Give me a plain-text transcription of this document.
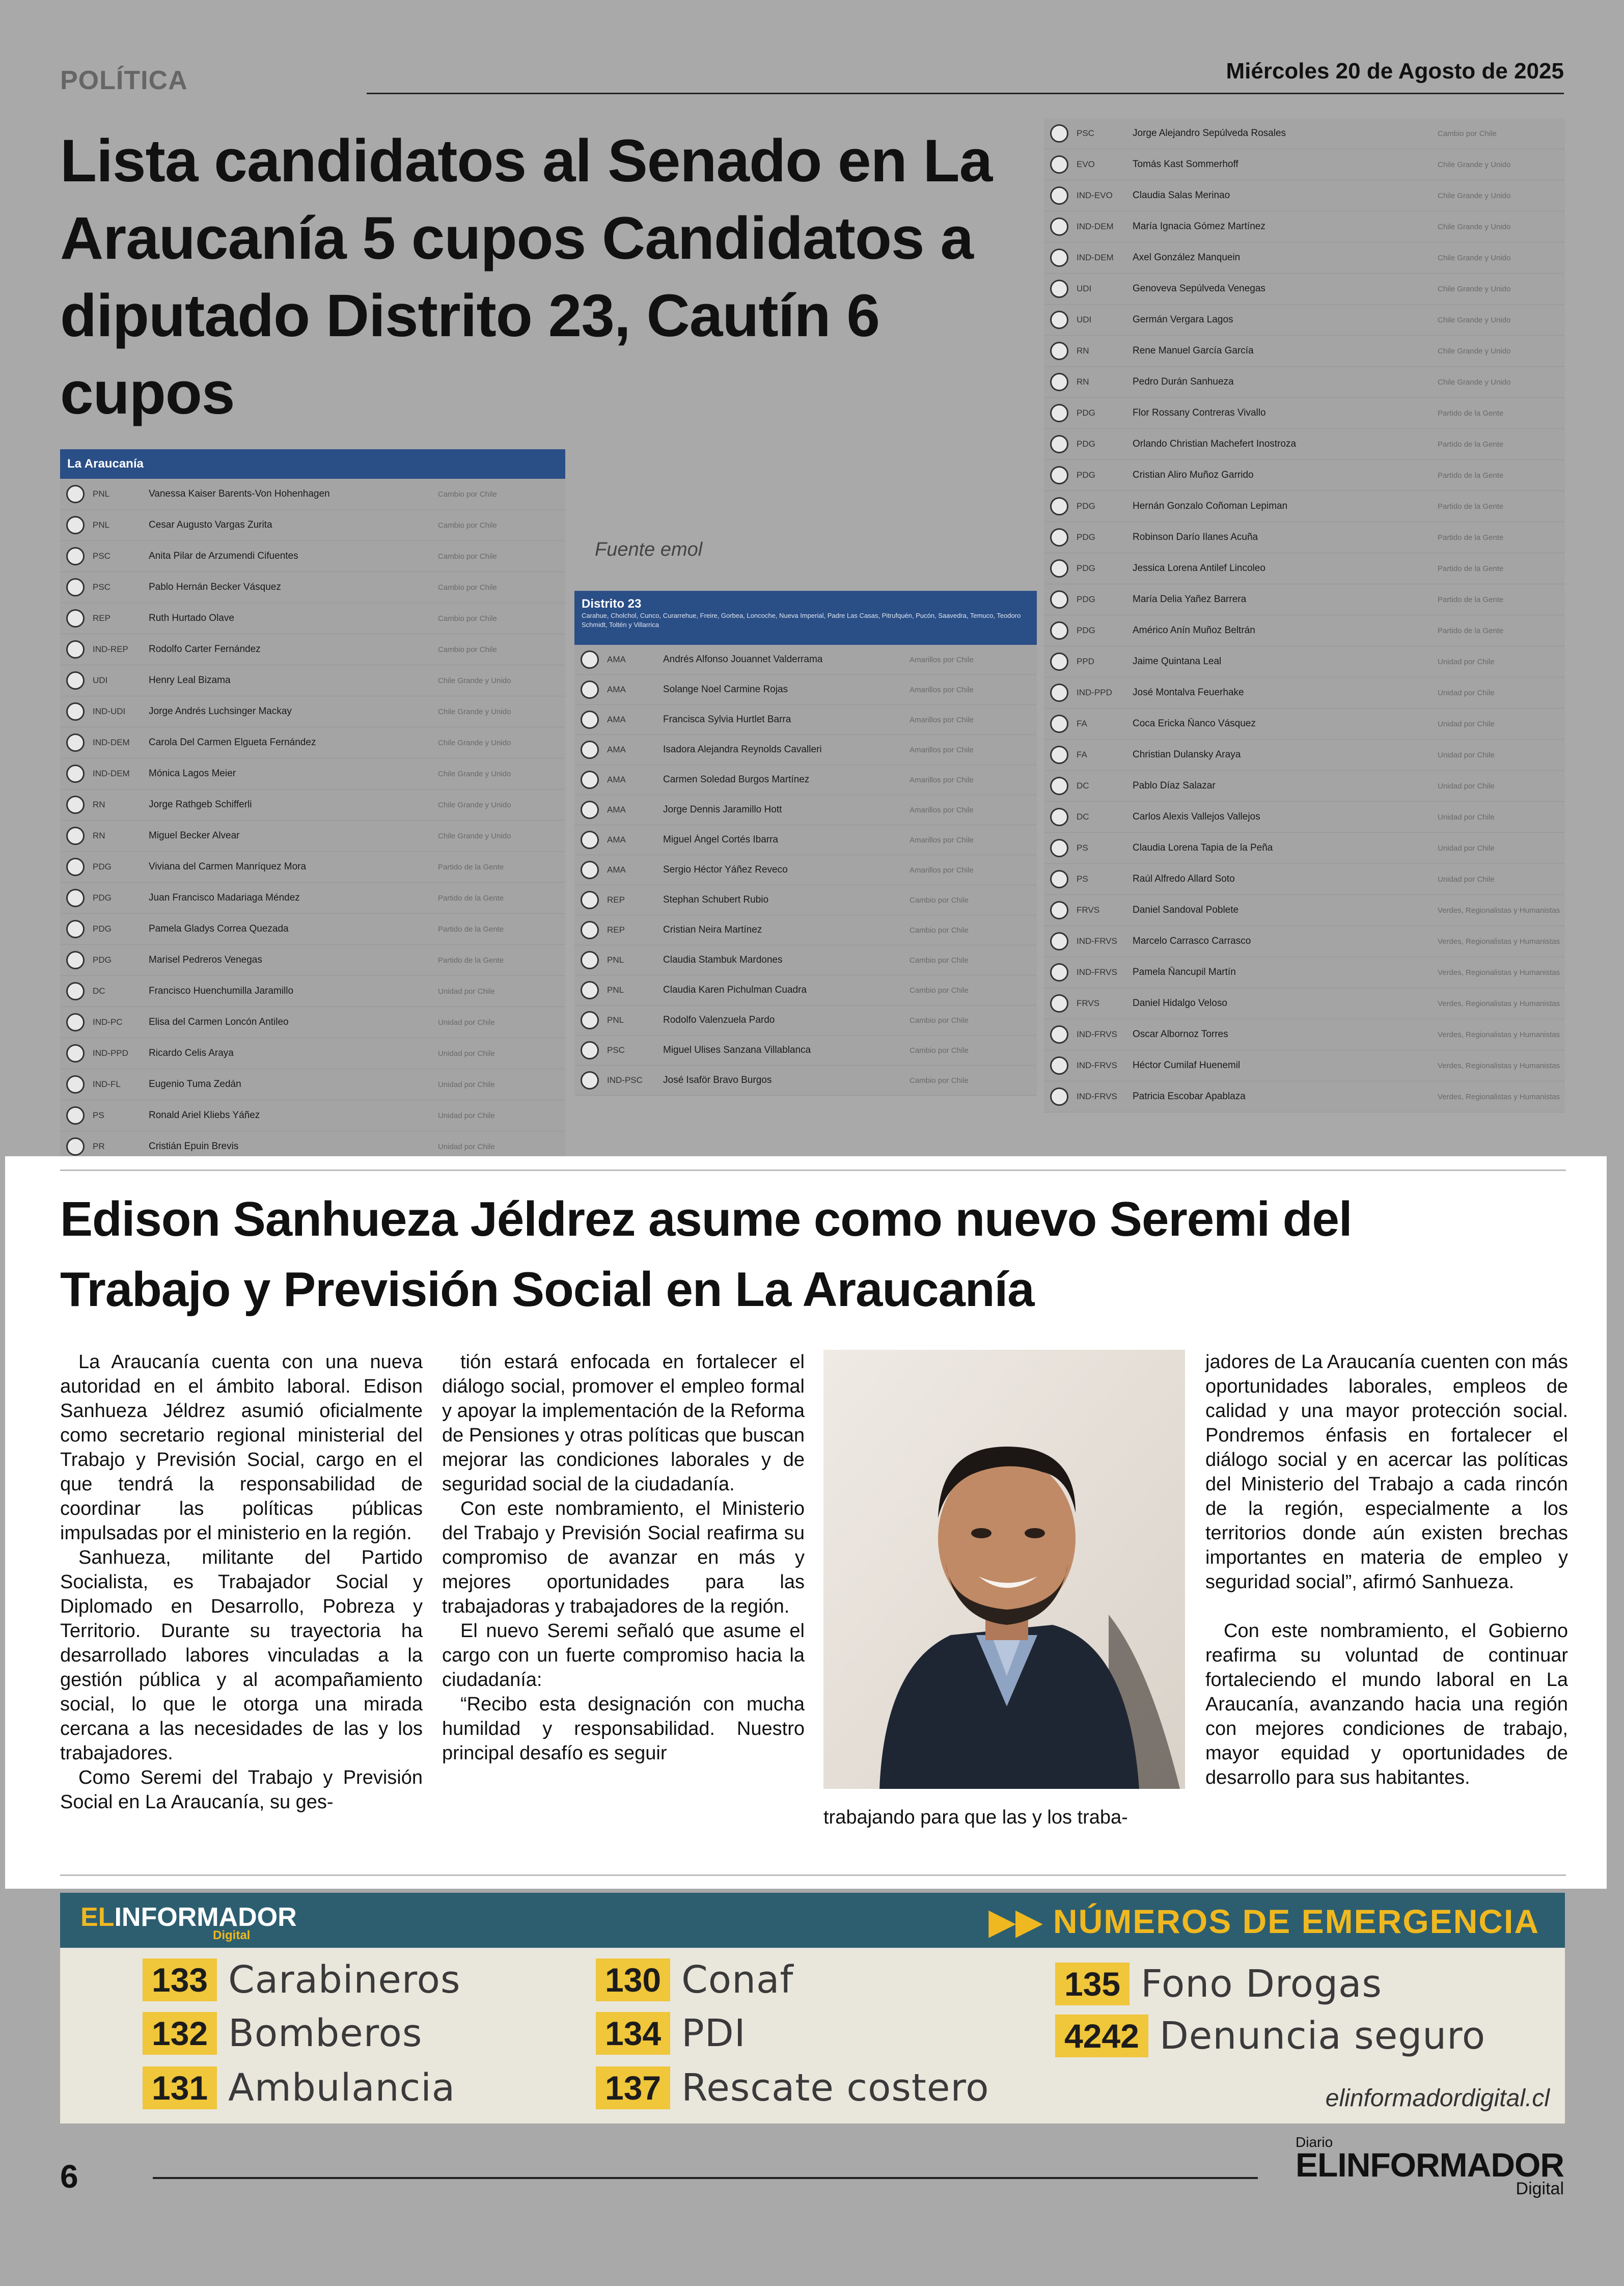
POLÍTICA	Miércoles 20 de Agosto de 2025
Lista candidatos al Senado en La Araucanía 5 cupos Candidatos a diputado Distrito 23, Cautín 6 cupos
La Araucanía
PNL	Vanessa Kaiser Barents-Von Hohenhagen	Cambio por Chile
PNL	Cesar Augusto Vargas Zurita	Cambio por Chile
PSC	Anita Pilar de Arzumendi Cifuentes	Cambio por Chile
PSC	Pablo Hernán Becker Vásquez	Cambio por Chile
REP	Ruth Hurtado Olave	Cambio por Chile
IND-REP	Rodolfo Carter Fernández	Cambio por Chile
UDI	Henry Leal Bizama	Chile Grande y Unido
IND-UDI	Jorge Andrés Luchsinger Mackay	Chile Grande y Unido
IND-DEM	Carola Del Carmen Elgueta Fernández	Chile Grande y Unido
IND-DEM	Mónica Lagos Meier	Chile Grande y Unido
RN	Jorge Rathgeb Schifferli	Chile Grande y Unido
RN	Miguel Becker Alvear	Chile Grande y Unido
PDG	Viviana del Carmen Manríquez Mora	Partido de la Gente
PDG	Juan Francisco Madariaga Méndez	Partido de la Gente
PDG	Pamela Gladys Correa Quezada	Partido de la Gente
PDG	Marisel Pedreros Venegas	Partido de la Gente
DC	Francisco Huenchumilla Jaramillo	Unidad por Chile
IND-PC	Elisa del Carmen Loncón Antileo	Unidad por Chile
IND-PPD	Ricardo Celis Araya	Unidad por Chile
IND-FL	Eugenio Tuma Zedán	Unidad por Chile
PS	Ronald Ariel Kliebs Yáñez	Unidad por Chile
PR	Cristián Epuin Brevis	Unidad por Chile
Fuente emol
Distrito 23
Carahue, Cholchol, Cunco, Curarrehue, Freire, Gorbea, Loncoche, Nueva Imperial, Padre Las Casas, Pitrufquén, Pucón, Saavedra, Temuco, Teodoro Schmidt, Toltén y Villarrica
AMA	Andrés Alfonso Jouannet Valderrama	Amarillos por Chile
AMA	Solange Noel Carmine Rojas	Amarillos por Chile
AMA	Francisca Sylvia Hurtlet Barra	Amarillos por Chile
AMA	Isadora Alejandra Reynolds Cavalleri	Amarillos por Chile
AMA	Carmen Soledad Burgos Martínez	Amarillos por Chile
AMA	Jorge Dennis Jaramillo Hott	Amarillos por Chile
AMA	Miguel Ángel Cortés Ibarra	Amarillos por Chile
AMA	Sergio Héctor Yáñez Reveco	Amarillos por Chile
REP	Stephan Schubert Rubio	Cambio por Chile
REP	Cristian Neira Martínez	Cambio por Chile
PNL	Claudia Stambuk Mardones	Cambio por Chile
PNL	Claudia Karen Pichulman Cuadra	Cambio por Chile
PNL	Rodolfo Valenzuela Pardo	Cambio por Chile
PSC	Miguel Ulises Sanzana Villablanca	Cambio por Chile
IND-PSC	José Isaför Bravo Burgos	Cambio por Chile
PSC	Jorge Alejandro Sepúlveda Rosales	Cambio por Chile
EVO	Tomás Kast Sommerhoff	Chile Grande y Unido
IND-EVO	Claudia Salas Merinao	Chile Grande y Unido
IND-DEM	María Ignacia Gómez Martínez	Chile Grande y Unido
IND-DEM	Axel González Manquein	Chile Grande y Unido
UDI	Genoveva Sepúlveda Venegas	Chile Grande y Unido
UDI	Germán Vergara Lagos	Chile Grande y Unido
RN	Rene Manuel García García	Chile Grande y Unido
RN	Pedro Durán Sanhueza	Chile Grande y Unido
PDG	Flor Rossany Contreras Vivallo	Partido de la Gente
PDG	Orlando Christian Machefert Inostroza	Partido de la Gente
PDG	Cristian Aliro Muñoz Garrido	Partido de la Gente
PDG	Hernán Gonzalo Coñoman Lepiman	Partido de la Gente
PDG	Robinson Darío Ilanes Acuña	Partido de la Gente
PDG	Jessica Lorena Antilef Lincoleo	Partido de la Gente
PDG	María Delia Yañez Barrera	Partido de la Gente
PDG	Américo Anín Muñoz Beltrán	Partido de la Gente
PPD	Jaime Quintana Leal	Unidad por Chile
IND-PPD	José Montalva Feuerhake	Unidad por Chile
FA	Coca Ericka Ñanco Vásquez	Unidad por Chile
FA	Christian Dulansky Araya	Unidad por Chile
DC	Pablo Díaz Salazar	Unidad por Chile
DC	Carlos Alexis Vallejos Vallejos	Unidad por Chile
PS	Claudia Lorena Tapia de la Peña	Unidad por Chile
PS	Raúl Alfredo Allard Soto	Unidad por Chile
FRVS	Daniel Sandoval Poblete	Verdes, Regionalistas y Humanistas
IND-FRVS	Marcelo Carrasco Carrasco	Verdes, Regionalistas y Humanistas
IND-FRVS	Pamela Ñancupil Martín	Verdes, Regionalistas y Humanistas
FRVS	Daniel Hidalgo Veloso	Verdes, Regionalistas y Humanistas
IND-FRVS	Oscar Albornoz Torres	Verdes, Regionalistas y Humanistas
IND-FRVS	Héctor Cumilaf Huenemil	Verdes, Regionalistas y Humanistas
IND-FRVS	Patricia Escobar Apablaza	Verdes, Regionalistas y Humanistas
Edison Sanhueza Jéldrez asume como nuevo Seremi del Trabajo y Previsión Social en La Araucanía

La Araucanía cuenta con una nueva autoridad en el ámbito laboral. Edison Sanhueza Jéldrez asumió oficialmente como secretario regional ministerial del Trabajo y Previsión Social, cargo en el que tendrá la responsabilidad de coordinar las políticas públicas impulsadas por el ministerio en la región.

Sanhueza, militante del Partido Socialista, es Trabajador Social y Diplomado en Desarrollo, Pobreza y Territorio. Durante su trayectoria ha desarrollado labores vinculadas a la gestión pública y al acompañamiento social, lo que le otorga una mirada cercana a las necesidades de las y los trabajadores.

Como Seremi del Trabajo y Previsión Social en La Araucanía, su ges-

tión estará enfocada en fortalecer el diálogo social, promover el empleo formal y apoyar la implementación de la Reforma de Pensiones y otras políticas que buscan mejorar las condiciones laborales y de seguridad social de la ciudadanía.

Con este nombramiento, el Ministerio del Trabajo y Previsión Social reafirma su compromiso de avanzar en más y mejores oportunidades para las trabajadoras y trabajadores de la región.

El nuevo Seremi señaló que asume el cargo con un fuerte compromiso hacia la ciudadanía:

“Recibo esta designación con mucha humildad y responsabilidad. Nuestro principal desafío es seguir

trabajando para que las y los traba-

jadores de La Araucanía cuenten con más oportunidades laborales, empleos de calidad y una mayor protección social. Pondremos énfasis en fortalecer el diálogo social y en acercar las políticas del Ministerio del Trabajo a cada rincón de la región, especialmente a los territorios donde aún existen brechas importantes en materia de empleo y seguridad social”, afirmó Sanhueza.

Con este nombramiento, el Gobierno reafirma su voluntad de continuar fortaleciendo el mundo laboral en La Araucanía, avanzando hacia una región con mejores condiciones de trabajo, mayor equidad y oportunidades de desarrollo para sus habitantes.

ELINFORMADOR
Digital	▶▶ NÚMEROS DE EMERGENCIA
133 Carabineros
132 Bomberos
131 Ambulancia
130 Conaf
134 PDI
137 Rescate costero
135 Fono Drogas
4242 Denuncia seguro
elinformadordigital.cl
6
Diario
ELINFORMADOR
Digital
